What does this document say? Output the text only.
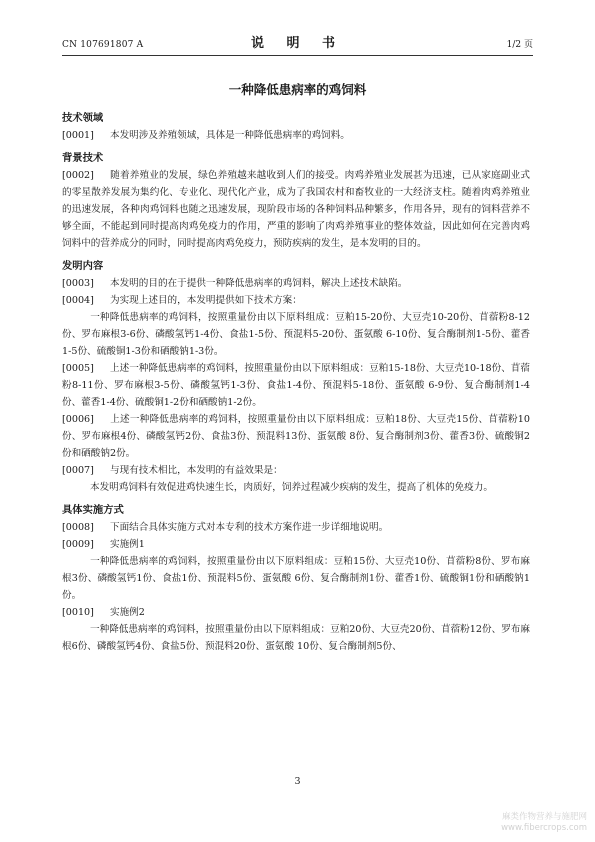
CN 107691807 A	说 明 书	1/2 页
一种降低患病率的鸡饲料
技术领域
[0001] 本发明涉及养殖领域，具体是一种降低患病率的鸡饲料。
背景技术
[0002] 随着养殖业的发展，绿色养殖越来越收到人们的接受。肉鸡养殖业发展甚为迅速，已从家庭副业式的零星散养发展为集约化、专业化、现代化产业，成为了我国农村和畜牧业的一大经济支柱。随着肉鸡养殖业的迅速发展，各种肉鸡饲料也随之迅速发展，现阶段市场的各种饲料品种繁多，作用各异，现有的饲料营养不够全面，不能起到同时提高肉鸡免疫力的作用，严重的影响了肉鸡养殖事业的整体效益，因此如何在完善肉鸡饲料中的营养成分的同时，同时提高肉鸡免疫力，预防疾病的发生，是本发明的目的。
发明内容
[0003] 本发明的目的在于提供一种降低患病率的鸡饲料，解决上述技术缺陷。
[0004] 为实现上述目的，本发明提供如下技术方案：
一种降低患病率的鸡饲料，按照重量份由以下原料组成：豆粕15-20份、大豆壳10-20份、苜蓿粉8-12份、罗布麻根3-6份、磷酸氢钙1-4份、食盐1-5份、预混料5-20份、蛋氨酸 6-10份、复合酶制剂1-5份、藿香1-5份、硫酸铜1-3份和硒酸钠1-3份。
[0005] 上述一种降低患病率的鸡饲料，按照重量份由以下原料组成：豆粕15-18份、大豆壳10-18份、苜蓿粉8-11份、罗布麻根3-5份、磷酸氢钙1-3份、食盐1-4份、预混料5-18份、蛋氨酸 6-9份、复合酶制剂1-4份、藿香1-4份、硫酸铜1-2份和硒酸钠1-2份。
[0006] 上述一种降低患病率的鸡饲料，按照重量份由以下原料组成：豆粕18份、大豆壳15份、苜蓿粉10份、罗布麻根4份、磷酸氢钙2份、食盐3份、预混料13份、蛋氨酸 8份、复合酶制剂3份、藿香3份、硫酸铜2份和硒酸钠2份。
[0007] 与现有技术相比，本发明的有益效果是：
本发明鸡饲料有效促进鸡快速生长，肉质好，饲养过程减少疾病的发生，提高了机体的免疫力。
具体实施方式
[0008] 下面结合具体实施方式对本专利的技术方案作进一步详细地说明。
[0009] 实施例1
一种降低患病率的鸡饲料，按照重量份由以下原料组成：豆粕15份、大豆壳10份、苜蓿粉8份、罗布麻根3份、磷酸氢钙1份、食盐1份、预混料5份、蛋氨酸 6份、复合酶制剂1份、藿香1份、硫酸铜1份和硒酸钠1份。
[0010] 实施例2
一种降低患病率的鸡饲料，按照重量份由以下原料组成：豆粕20份、大豆壳20份、苜蓿粉12份、罗布麻根6份、磷酸氢钙4份、食盐5份、预混料20份、蛋氨酸 10份、复合酶制剂5份、
3
麻类作物营养与施肥网
www.fibercrops.com
